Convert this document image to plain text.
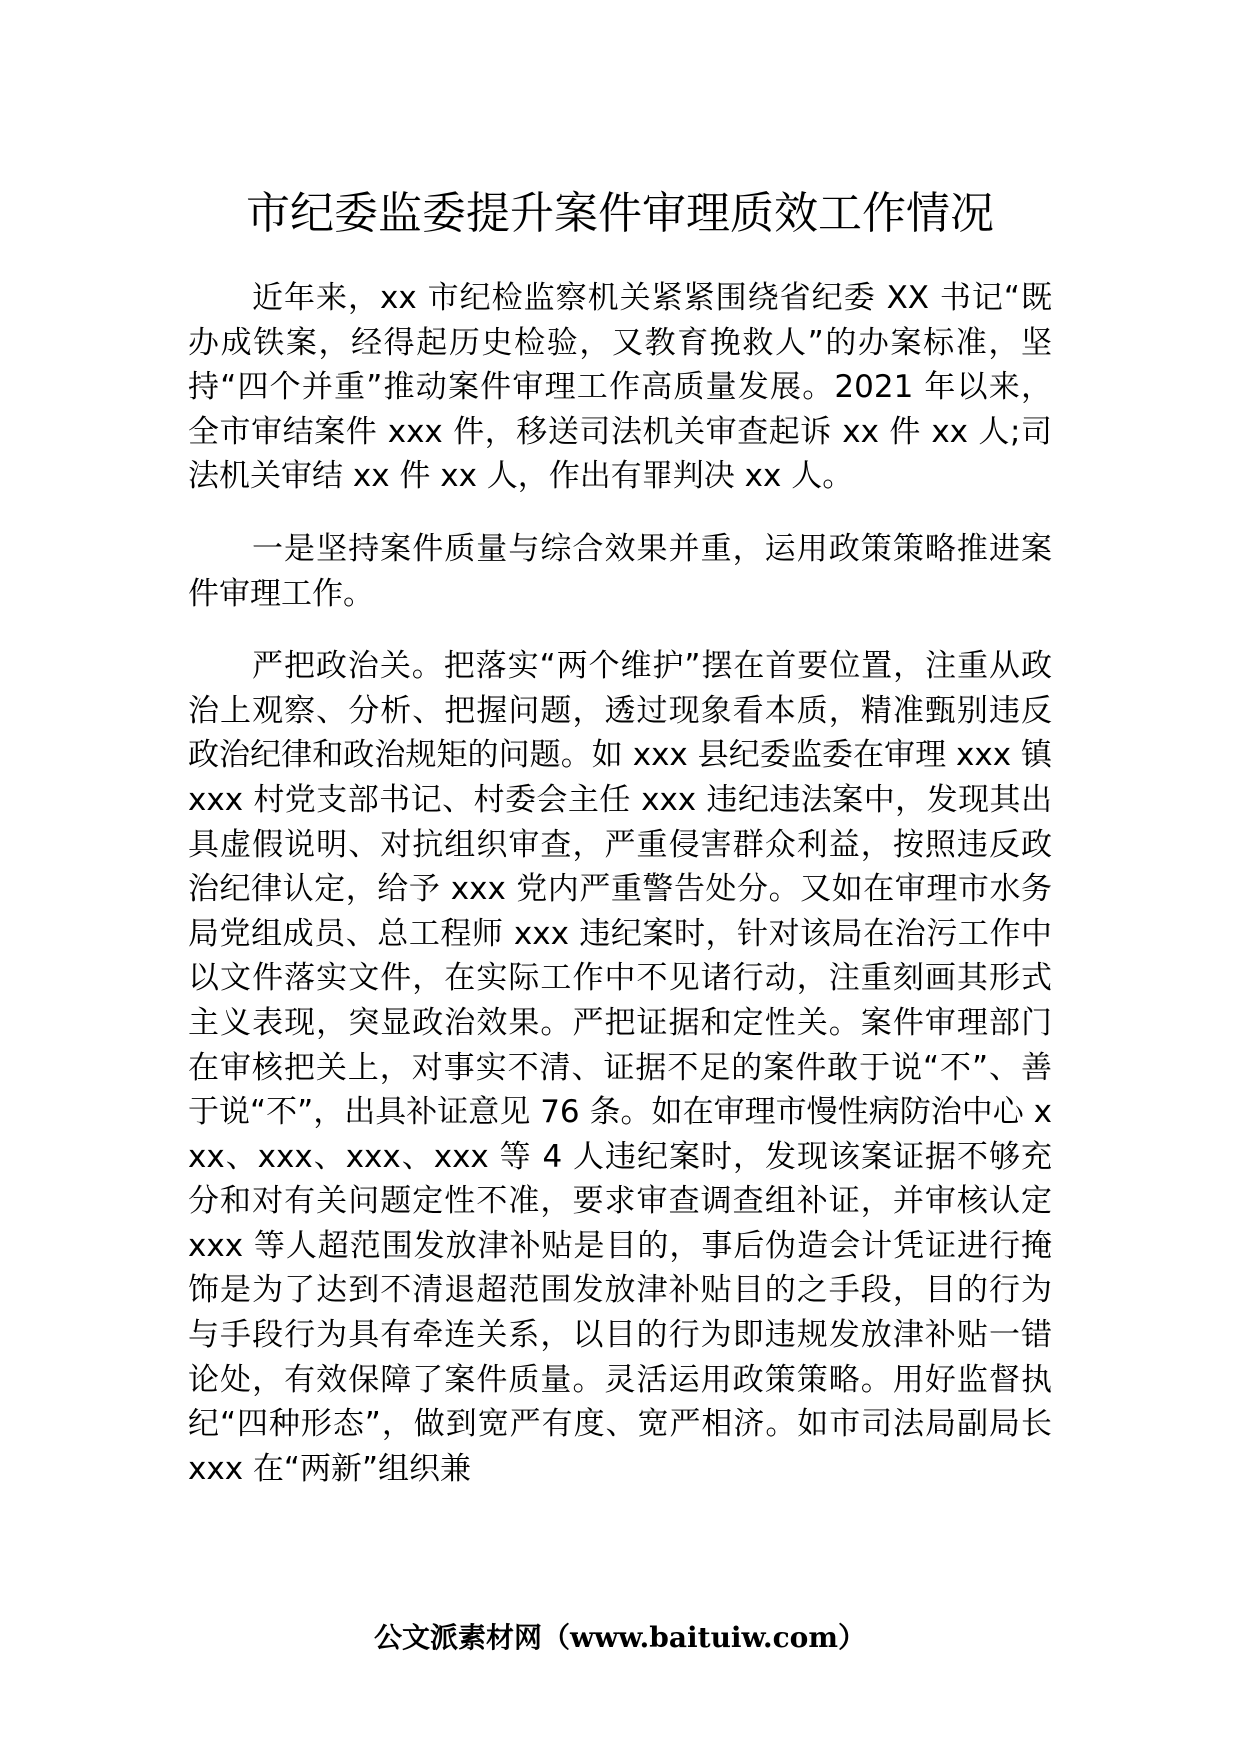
市纪委监委提升案件审理质效工作情况

近年来，xx 市纪检监察机关紧紧围绕省纪委 XX 书记“既办成铁案，经得起历史检验，又教育挽救人”的办案标准，坚持“四个并重”推动案件审理工作高质量发展。2021 年以来，全市审结案件 xxx 件，移送司法机关审查起诉 xx 件 xx 人;司法机关审结 xx 件 xx 人，作出有罪判决 xx 人。

一是坚持案件质量与综合效果并重，运用政策策略推进案件审理工作。

严把政治关。把落实“两个维护”摆在首要位置，注重从政治上观察、分析、把握问题，透过现象看本质，精准甄别违反政治纪律和政治规矩的问题。如 xxx 县纪委监委在审理 xxx 镇 xxx 村党支部书记、村委会主任 xxx 违纪违法案中，发现其出具虚假说明、对抗组织审查，严重侵害群众利益，按照违反政治纪律认定，给予 xxx 党内严重警告处分。又如在审理市水务局党组成员、总工程师 xxx 违纪案时，针对该局在治污工作中以文件落实文件，在实际工作中不见诸行动，注重刻画其形式主义表现，突显政治效果。严把证据和定性关。案件审理部门在审核把关上，对事实不清、证据不足的案件敢于说“不”、善于说“不”，出具补证意见 76 条。如在审理市慢性病防治中心 xxx、xxx、xxx、xxx 等 4 人违纪案时，发现该案证据不够充分和对有关问题定性不准，要求审查调查组补证，并审核认定 xxx 等人超范围发放津补贴是目的，事后伪造会计凭证进行掩饰是为了达到不清退超范围发放津补贴目的之手段，目的行为与手段行为具有牵连关系，以目的行为即违规发放津补贴一错论处，有效保障了案件质量。灵活运用政策策略。用好监督执纪“四种形态”，做到宽严有度、宽严相济。如市司法局副局长 xxx 在“两新”组织兼

公文派素材网（www.baituiw.com）
